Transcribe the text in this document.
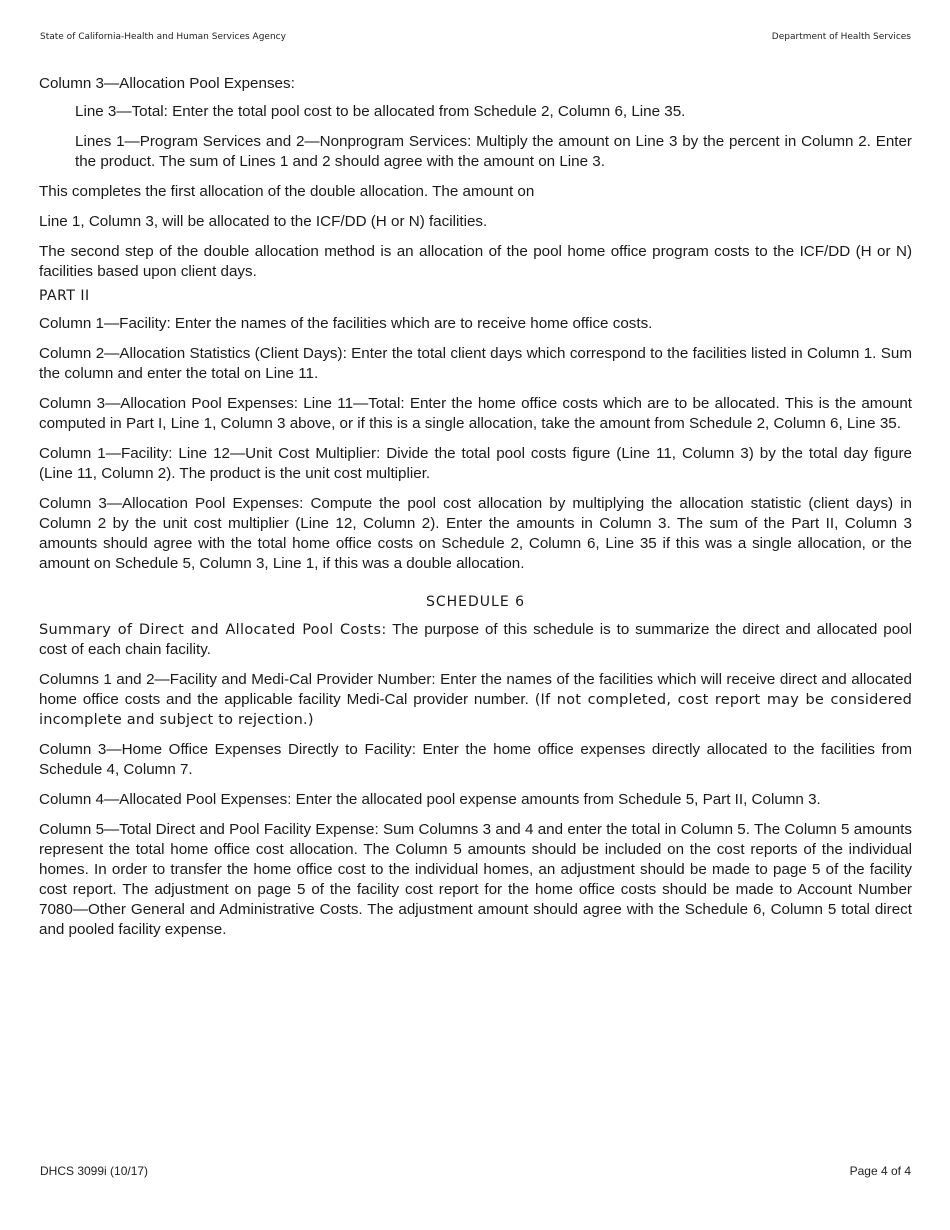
State of California-Health and Human Services Agency	Department of Health Services

Column 3—Allocation Pool Expenses:

Line 3—Total: Enter the total pool cost to be allocated from Schedule 2, Column 6, Line 35.

Lines 1—Program Services and 2—Nonprogram Services: Multiply the amount on Line 3 by the percent in Column 2. Enter the product. The sum of Lines 1 and 2 should agree with the amount on Line 3.

This completes the first allocation of the double allocation. The amount on

Line 1, Column 3, will be allocated to the ICF/DD (H or N) facilities.

The second step of the double allocation method is an allocation of the pool home office program costs to the ICF/DD (H or N) facilities based upon client days.

PART II

Column 1—Facility: Enter the names of the facilities which are to receive home office costs.

Column 2—Allocation Statistics (Client Days): Enter the total client days which correspond to the facilities listed in Column 1. Sum the column and enter the total on Line 11.

Column 3—Allocation Pool Expenses: Line 11—Total: Enter the home office costs which are to be allocated. This is the amount computed in Part I, Line 1, Column 3 above, or if this is a single allocation, take the amount from Schedule 2, Column 6, Line 35.

Column 1—Facility: Line 12—Unit Cost Multiplier: Divide the total pool costs figure (Line 11, Column 3) by the total day figure (Line 11, Column 2). The product is the unit cost multiplier.

Column 3—Allocation Pool Expenses: Compute the pool cost allocation by multiplying the allocation statistic (client days) in Column 2 by the unit cost multiplier (Line 12, Column 2). Enter the amounts in Column 3. The sum of the Part II, Column 3 amounts should agree with the total home office costs on Schedule 2, Column 6, Line 35 if this was a single allocation, or the amount on Schedule 5, Column 3, Line 1, if this was a double allocation.

SCHEDULE 6

Summary of Direct and Allocated Pool Costs: The purpose of this schedule is to summarize the direct and allocated pool cost of each chain facility.

Columns 1 and 2—Facility and Medi-Cal Provider Number: Enter the names of the facilities which will receive direct and allocated home office costs and the applicable facility Medi-Cal provider number. (If not completed, cost report may be considered incomplete and subject to rejection.)

Column 3—Home Office Expenses Directly to Facility: Enter the home office expenses directly allocated to the facilities from Schedule 4, Column 7.

Column 4—Allocated Pool Expenses: Enter the allocated pool expense amounts from Schedule 5, Part II, Column 3.

Column 5—Total Direct and Pool Facility Expense: Sum Columns 3 and 4 and enter the total in Column 5. The Column 5 amounts represent the total home office cost allocation. The Column 5 amounts should be included on the cost reports of the individual homes. In order to transfer the home office cost to the individual homes, an adjustment should be made to page 5 of the facility cost report. The adjustment on page 5 of the facility cost report for the home office costs should be made to Account Number 7080—Other General and Administrative Costs. The adjustment amount should agree with the Schedule 6, Column 5 total direct and pooled facility expense.

DHCS 3099i (10/17)	Page 4 of 4
